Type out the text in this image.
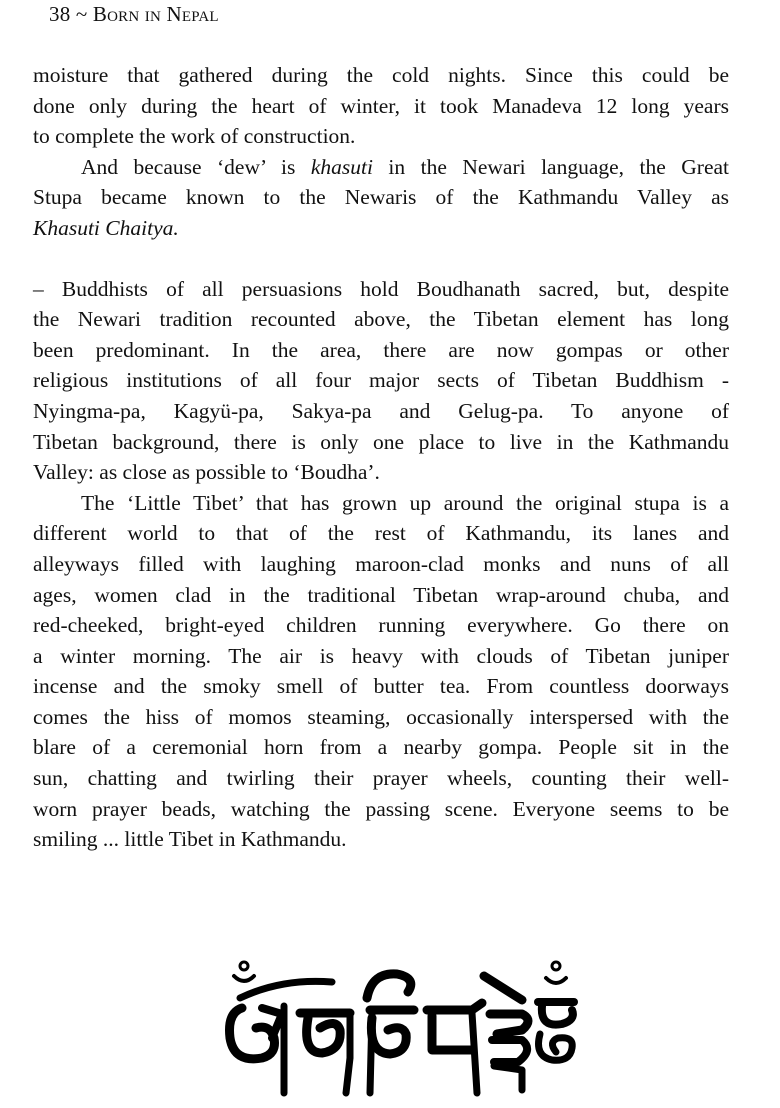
38 ~ Born in Nepal

moisture that gathered during the cold nights. Since this could be
done only during the heart of winter, it took Manadeva 12 long years
to complete the work of construction.

And because ‘dew’ is khasuti in the Newari language, the Great
Stupa became known to the Newaris of the Kathmandu Valley as
Khasuti Chaitya.

– Buddhists of all persuasions hold Boudhanath sacred, but, despite
the Newari tradition recounted above, the Tibetan element has long
been predominant. In the area, there are now gompas or other
religious institutions of all four major sects of Tibetan Buddhism -
Nyingma-pa, Kagyü-pa, Sakya-pa and Gelug-pa. To anyone of
Tibetan background, there is only one place to live in the Kathmandu
Valley: as close as possible to ‘Boudha’.

The ‘Little Tibet’ that has grown up around the original stupa is a
different world to that of the rest of Kathmandu, its lanes and
alleyways filled with laughing maroon-clad monks and nuns of all
ages, women clad in the traditional Tibetan wrap-around chuba, and
red-cheeked, bright-eyed children running everywhere. Go there on
a winter morning. The air is heavy with clouds of Tibetan juniper
incense and the smoky smell of butter tea. From countless doorways
comes the hiss of momos steaming, occasionally interspersed with the
blare of a ceremonial horn from a nearby gompa. People sit in the
sun, chatting and twirling their prayer wheels, counting their well-
worn prayer beads, watching the passing scene. Everyone seems to be
smiling ... little Tibet in Kathmandu.
